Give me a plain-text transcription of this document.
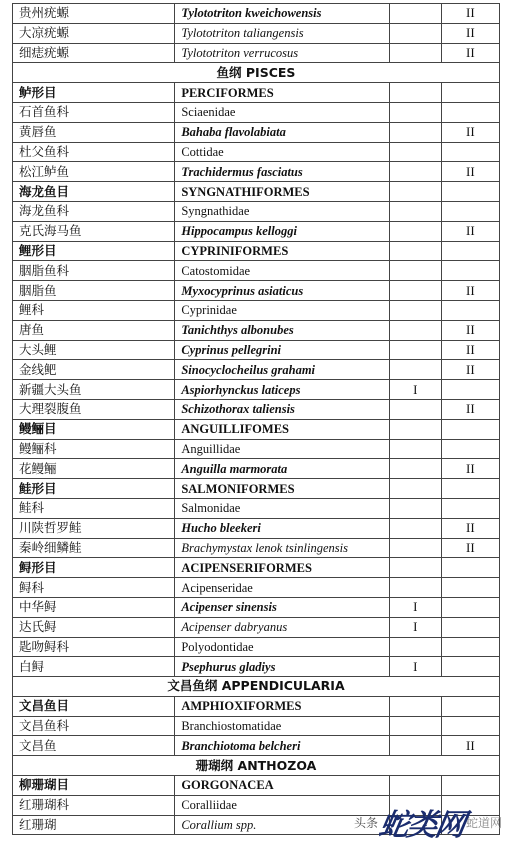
贵州疣螈	Tylototriton kweichowensis		II
大凉疣螈	Tylototriton taliangensis		II
细痣疣螈	Tylototriton verrucosus		II
鱼纲 PISCES			
鲈形目	PERCIFORMES		
石首鱼科	Sciaenidae		
黄唇鱼	Bahaba flavolabiata		II
杜父鱼科	Cottidae		
松江鲈鱼	Trachidermus fasciatus		II
海龙鱼目	SYNGNATHIFORMES		
海龙鱼科	Syngnathidae		
克氏海马鱼	Hippocampus kelloggi		II
鲤形目	CYPRINIFORMES		
胭脂鱼科	Catostomidae		
胭脂鱼	Myxocyprinus asiaticus		II
鲤科	Cyprinidae		
唐鱼	Tanichthys albonubes		II
大头鲤	Cyprinus pellegrini		II
金线鲃	Sinocyclocheilus grahami		II
新疆大头鱼	Aspiorhynckus laticeps	I	
大理裂腹鱼	Schizothorax taliensis		II
鳗鲡目	ANGUILLIFOMES		
鳗鲡科	Anguillidae		
花鳗鲡	Anguilla marmorata		II
鲑形目	SALMONIFORMES		
鲑科	Salmonidae		
川陕哲罗鲑	Hucho bleekeri		II
秦岭细鳞鲑	Brachymystax lenok tsinlingensis		II
鲟形目	ACIPENSERIFORMES		
鲟科	Acipenseridae		
中华鲟	Acipenser sinensis	I	
达氏鲟	Acipenser dabryanus	I	
匙吻鲟科	Polyodontidae		
白鲟	Psephurus gladiys	I	
文昌鱼纲 APPENDICULARIA			
文昌鱼目	AMPHIOXIFORMES		
文昌鱼科	Branchiostomatidae		
文昌鱼	Branchiotoma belcheri		II
珊瑚纲 ANTHOZOA			
柳珊瑚目	GORGONACEA		
红珊瑚科	Coralliidae		
红珊瑚	Corallium spp.			头条
蛇类网 蛇道网
